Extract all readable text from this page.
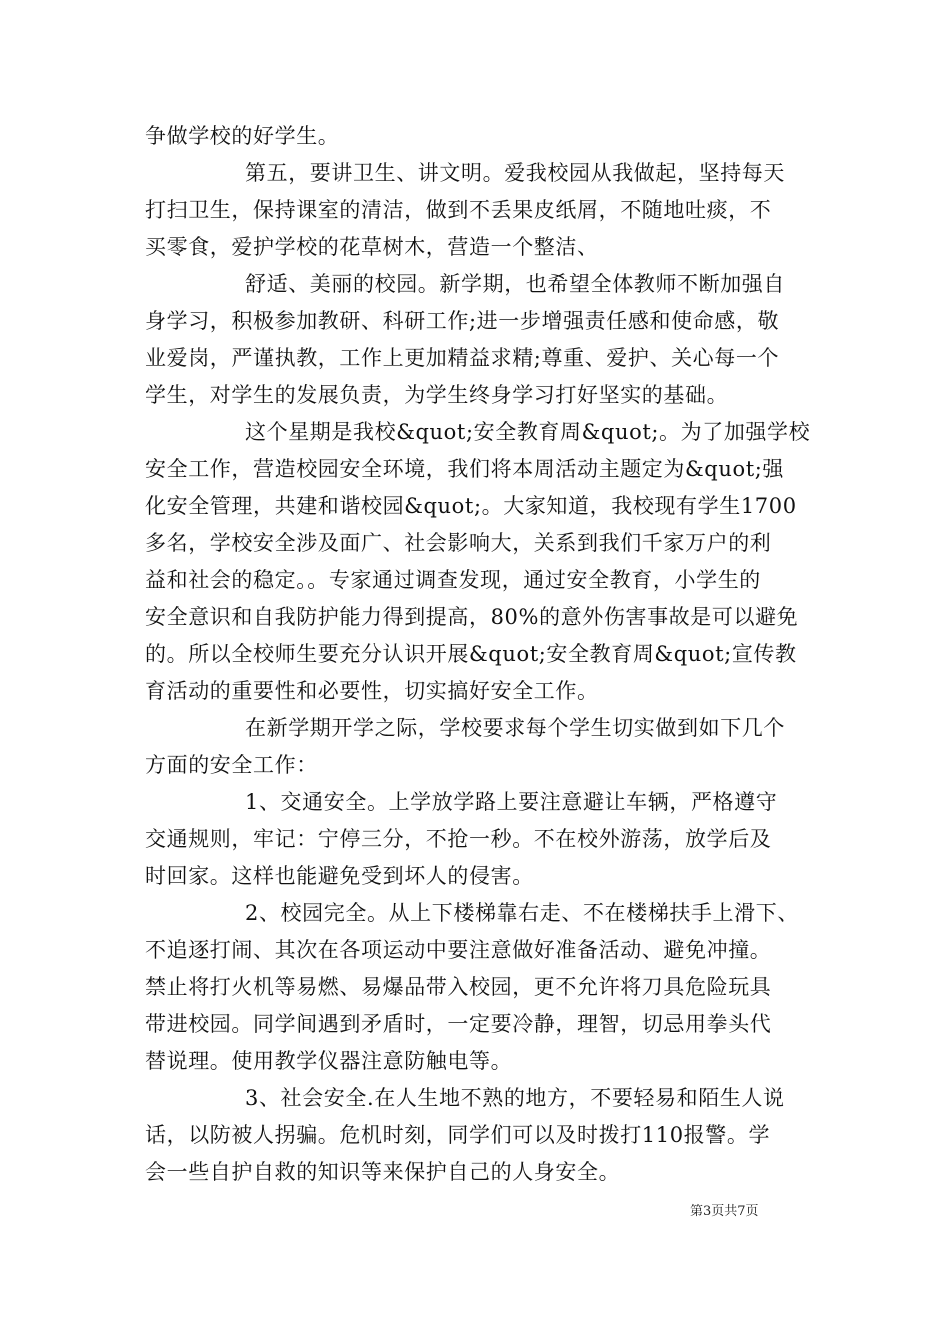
争做学校的好学生。
第五，要讲卫生、讲文明。爱我校园从我做起，坚持每天
打扫卫生，保持课室的清洁，做到不丢果皮纸屑，不随地吐痰，不
买零食，爱护学校的花草树木，营造一个整洁、
舒适、美丽的校园。新学期，也希望全体教师不断加强自
身学习，积极参加教研、科研工作;进一步增强责任感和使命感，敬
业爱岗，严谨执教，工作上更加精益求精;尊重、爱护、关心每一个
学生，对学生的发展负责，为学生终身学习打好坚实的基础。
这个星期是我校&quot;安全教育周&quot;。为了加强学校
安全工作，营造校园安全环境，我们将本周活动主题定为&quot;强
化安全管理，共建和谐校园&quot;。大家知道，我校现有学生1700
多名，学校安全涉及面广、社会影响大，关系到我们千家万户的利
益和社会的稳定。。专家通过调查发现，通过安全教育，小学生的
安全意识和自我防护能力得到提高，80%的意外伤害事故是可以避免
的。所以全校师生要充分认识开展&quot;安全教育周&quot;宣传教
育活动的重要性和必要性，切实搞好安全工作。
在新学期开学之际，学校要求每个学生切实做到如下几个
方面的安全工作：
1、交通安全。上学放学路上要注意避让车辆，严格遵守
交通规则，牢记：宁停三分，不抢一秒。不在校外游荡，放学后及
时回家。这样也能避免受到坏人的侵害。
2、校园完全。从上下楼梯靠右走、不在楼梯扶手上滑下、
不追逐打闹、其次在各项运动中要注意做好准备活动、避免冲撞。
禁止将打火机等易燃、易爆品带入校园，更不允许将刀具危险玩具
带进校园。同学间遇到矛盾时，一定要冷静，理智，切忌用拳头代
替说理。使用教学仪器注意防触电等。
3、社会安全.在人生地不熟的地方，不要轻易和陌生人说
话，以防被人拐骗。危机时刻，同学们可以及时拨打110报警。学
会一些自护自救的知识等来保护自己的人身安全。
第3页共7页
